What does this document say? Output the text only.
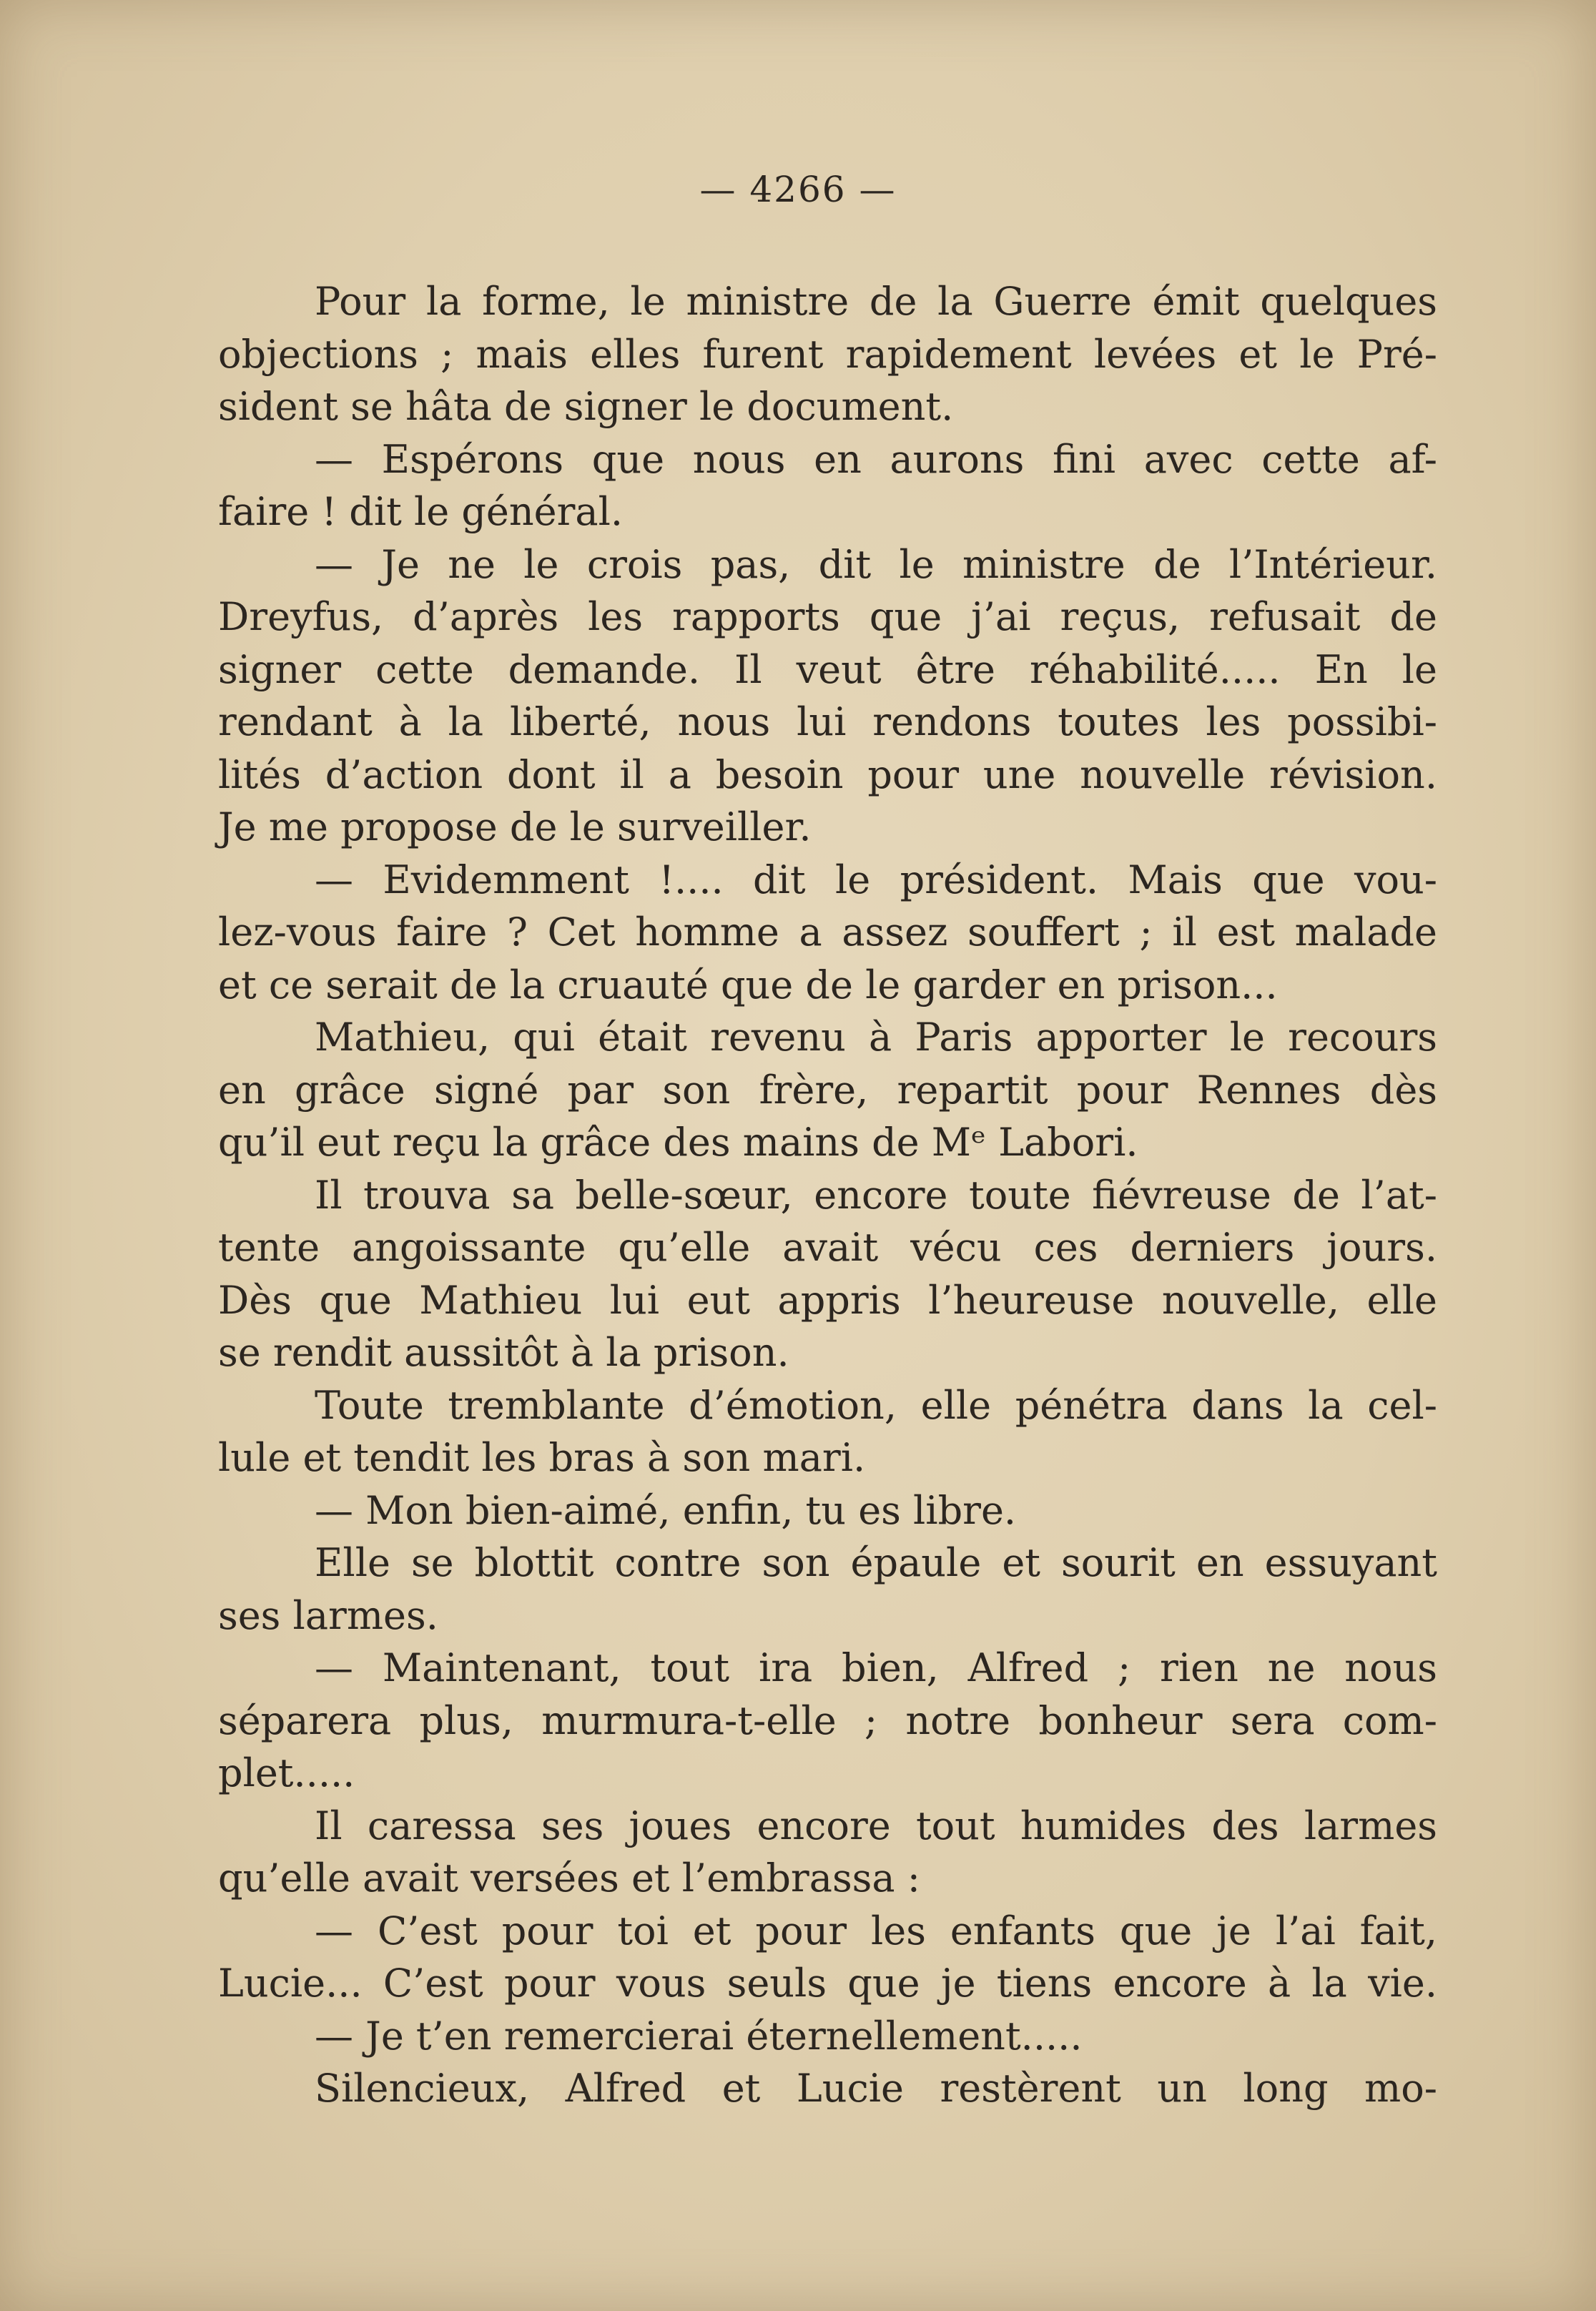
— 4266 —
Pour la forme, le ministre de la Guerre émit quelques
objections ; mais elles furent rapidement levées et le Pré-
sident se hâta de signer le document.
— Espérons que nous en aurons fini avec cette af-
faire ! dit le général.
— Je ne le crois pas, dit le ministre de l’Intérieur.
Dreyfus, d’après les rapports que j’ai reçus, refusait de
signer cette demande. Il veut être réhabilité..... En le
rendant à la liberté, nous lui rendons toutes les possibi-
lités d’action dont il a besoin pour une nouvelle révision.
Je me propose de le surveiller.
— Evidemment !.... dit le président. Mais que vou-
lez-vous faire ? Cet homme a assez souffert ; il est malade
et ce serait de la cruauté que de le garder en prison...
Mathieu, qui était revenu à Paris apporter le recours
en grâce signé par son frère, repartit pour Rennes dès
qu’il eut reçu la grâce des mains de Mᵉ Labori.
Il trouva sa belle-sœur, encore toute fiévreuse de l’at-
tente angoissante qu’elle avait vécu ces derniers jours.
Dès que Mathieu lui eut appris l’heureuse nouvelle, elle
se rendit aussitôt à la prison.
Toute tremblante d’émotion, elle pénétra dans la cel-
lule et tendit les bras à son mari.
— Mon bien-aimé, enfin, tu es libre.
Elle se blottit contre son épaule et sourit en essuyant
ses larmes.
— Maintenant, tout ira bien, Alfred ; rien ne nous
séparera plus, murmura-t-elle ; notre bonheur sera com-
plet.....
Il caressa ses joues encore tout humides des larmes
qu’elle avait versées et l’embrassa :
— C’est pour toi et pour les enfants que je l’ai fait,
Lucie... C’est pour vous seuls que je tiens encore à la vie.
— Je t’en remercierai éternellement.....
Silencieux, Alfred et Lucie restèrent un long mo-
